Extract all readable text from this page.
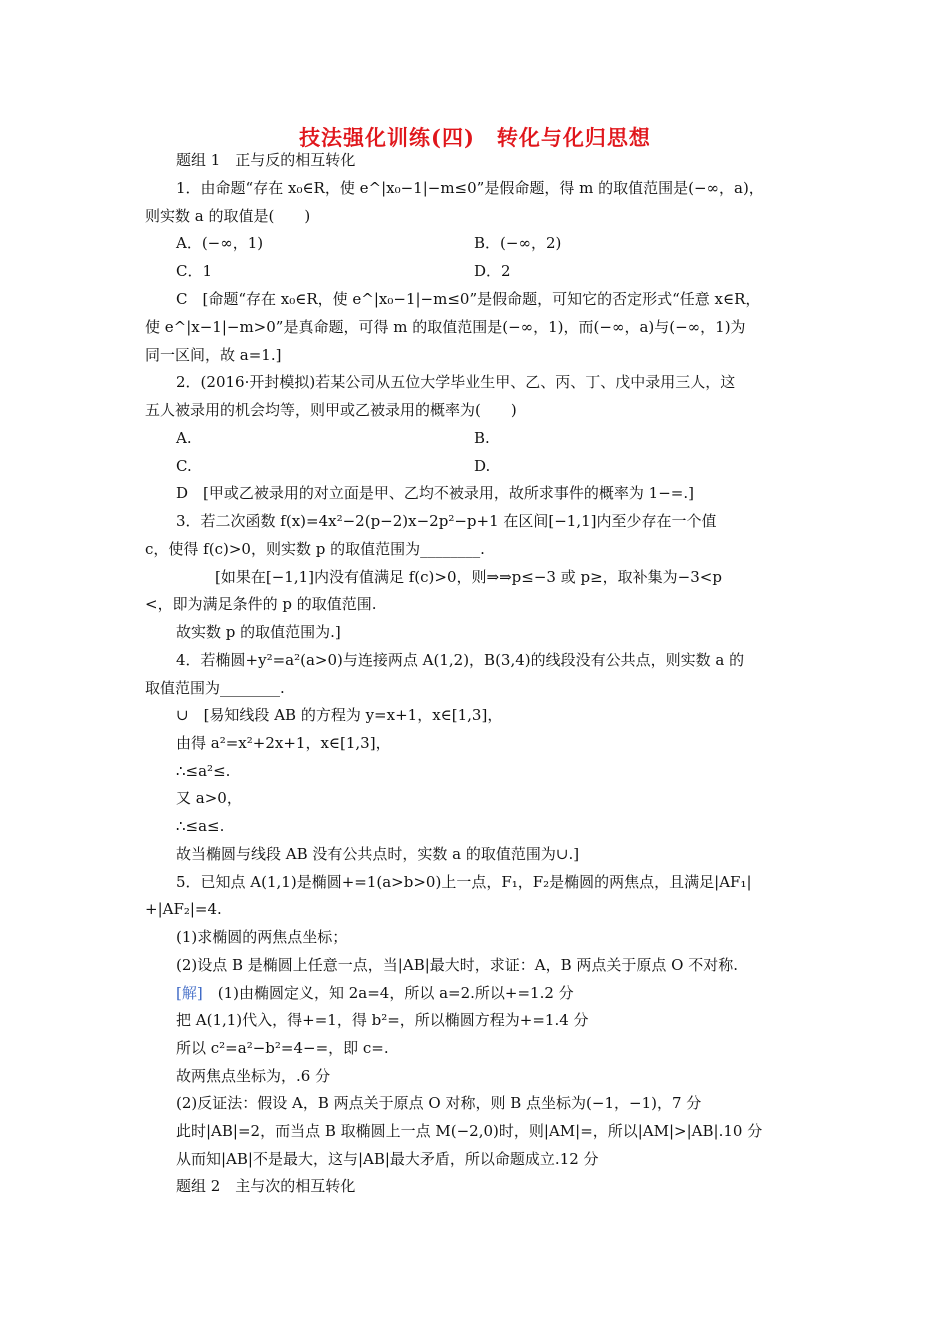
技法强化训练(四)　转化与化归思想
题组 1　正与反的相互转化
1．由命题“存在 x₀∈R，使 e^|x₀−1|−m≤0”是假命题，得 m 的取值范围是(−∞，a)，
则实数 a 的取值是(　　)
A．(−∞，1)	B．(−∞，2)
C．1	D．2
C　[命题“存在 x₀∈R，使 e^|x₀−1|−m≤0”是假命题，可知它的否定形式“任意 x∈R，
使 e^|x−1|−m>0”是真命题，可得 m 的取值范围是(−∞，1)，而(−∞，a)与(−∞，1)为
同一区间，故 a=1.]
2．(2016·开封模拟)若某公司从五位大学毕业生甲、乙、丙、丁、戊中录用三人，这
五人被录用的机会均等，则甲或乙被录用的概率为(　　)
A.	B.
C.	D.
D　[甲或乙被录用的对立面是甲、乙均不被录用，故所求事件的概率为 1−=.]
3．若二次函数 f(x)=4x²−2(p−2)x−2p²−p+1 在区间[−1,1]内至少存在一个值
c，使得 f(c)>0，则实数 p 的取值范围为________.
　[如果在[−1,1]内没有值满足 f(c)>0，则⇒⇒p≤−3 或 p≥，取补集为−3<p
<，即为满足条件的 p 的取值范围.
故实数 p 的取值范围为.]
4．若椭圆+y²=a²(a>0)与连接两点 A(1,2)，B(3,4)的线段没有公共点，则实数 a 的
取值范围为________.
∪　[易知线段 AB 的方程为 y=x+1，x∈[1,3]，
由得 a²=x²+2x+1，x∈[1,3]，
∴≤a²≤.
又 a>0，
∴≤a≤.
故当椭圆与线段 AB 没有公共点时，实数 a 的取值范围为∪.]
5．已知点 A(1,1)是椭圆+=1(a>b>0)上一点，F₁，F₂是椭圆的两焦点，且满足|AF₁|
+|AF₂|=4.
(1)求椭圆的两焦点坐标；
(2)设点 B 是椭圆上任意一点，当|AB|最大时，求证：A，B 两点关于原点 O 不对称.
[解]　(1)由椭圆定义，知 2a=4，所以 a=2.所以+=1.2 分
把 A(1,1)代入，得+=1，得 b²=，所以椭圆方程为+=1.4 分
所以 c²=a²−b²=4−=，即 c=.
故两焦点坐标为，.6 分
(2)反证法：假设 A，B 两点关于原点 O 对称，则 B 点坐标为(−1，−1)，7 分
此时|AB|=2，而当点 B 取椭圆上一点 M(−2,0)时，则|AM|=，所以|AM|>|AB|.10 分
从而知|AB|不是最大，这与|AB|最大矛盾，所以命题成立.12 分
题组 2　主与次的相互转化
